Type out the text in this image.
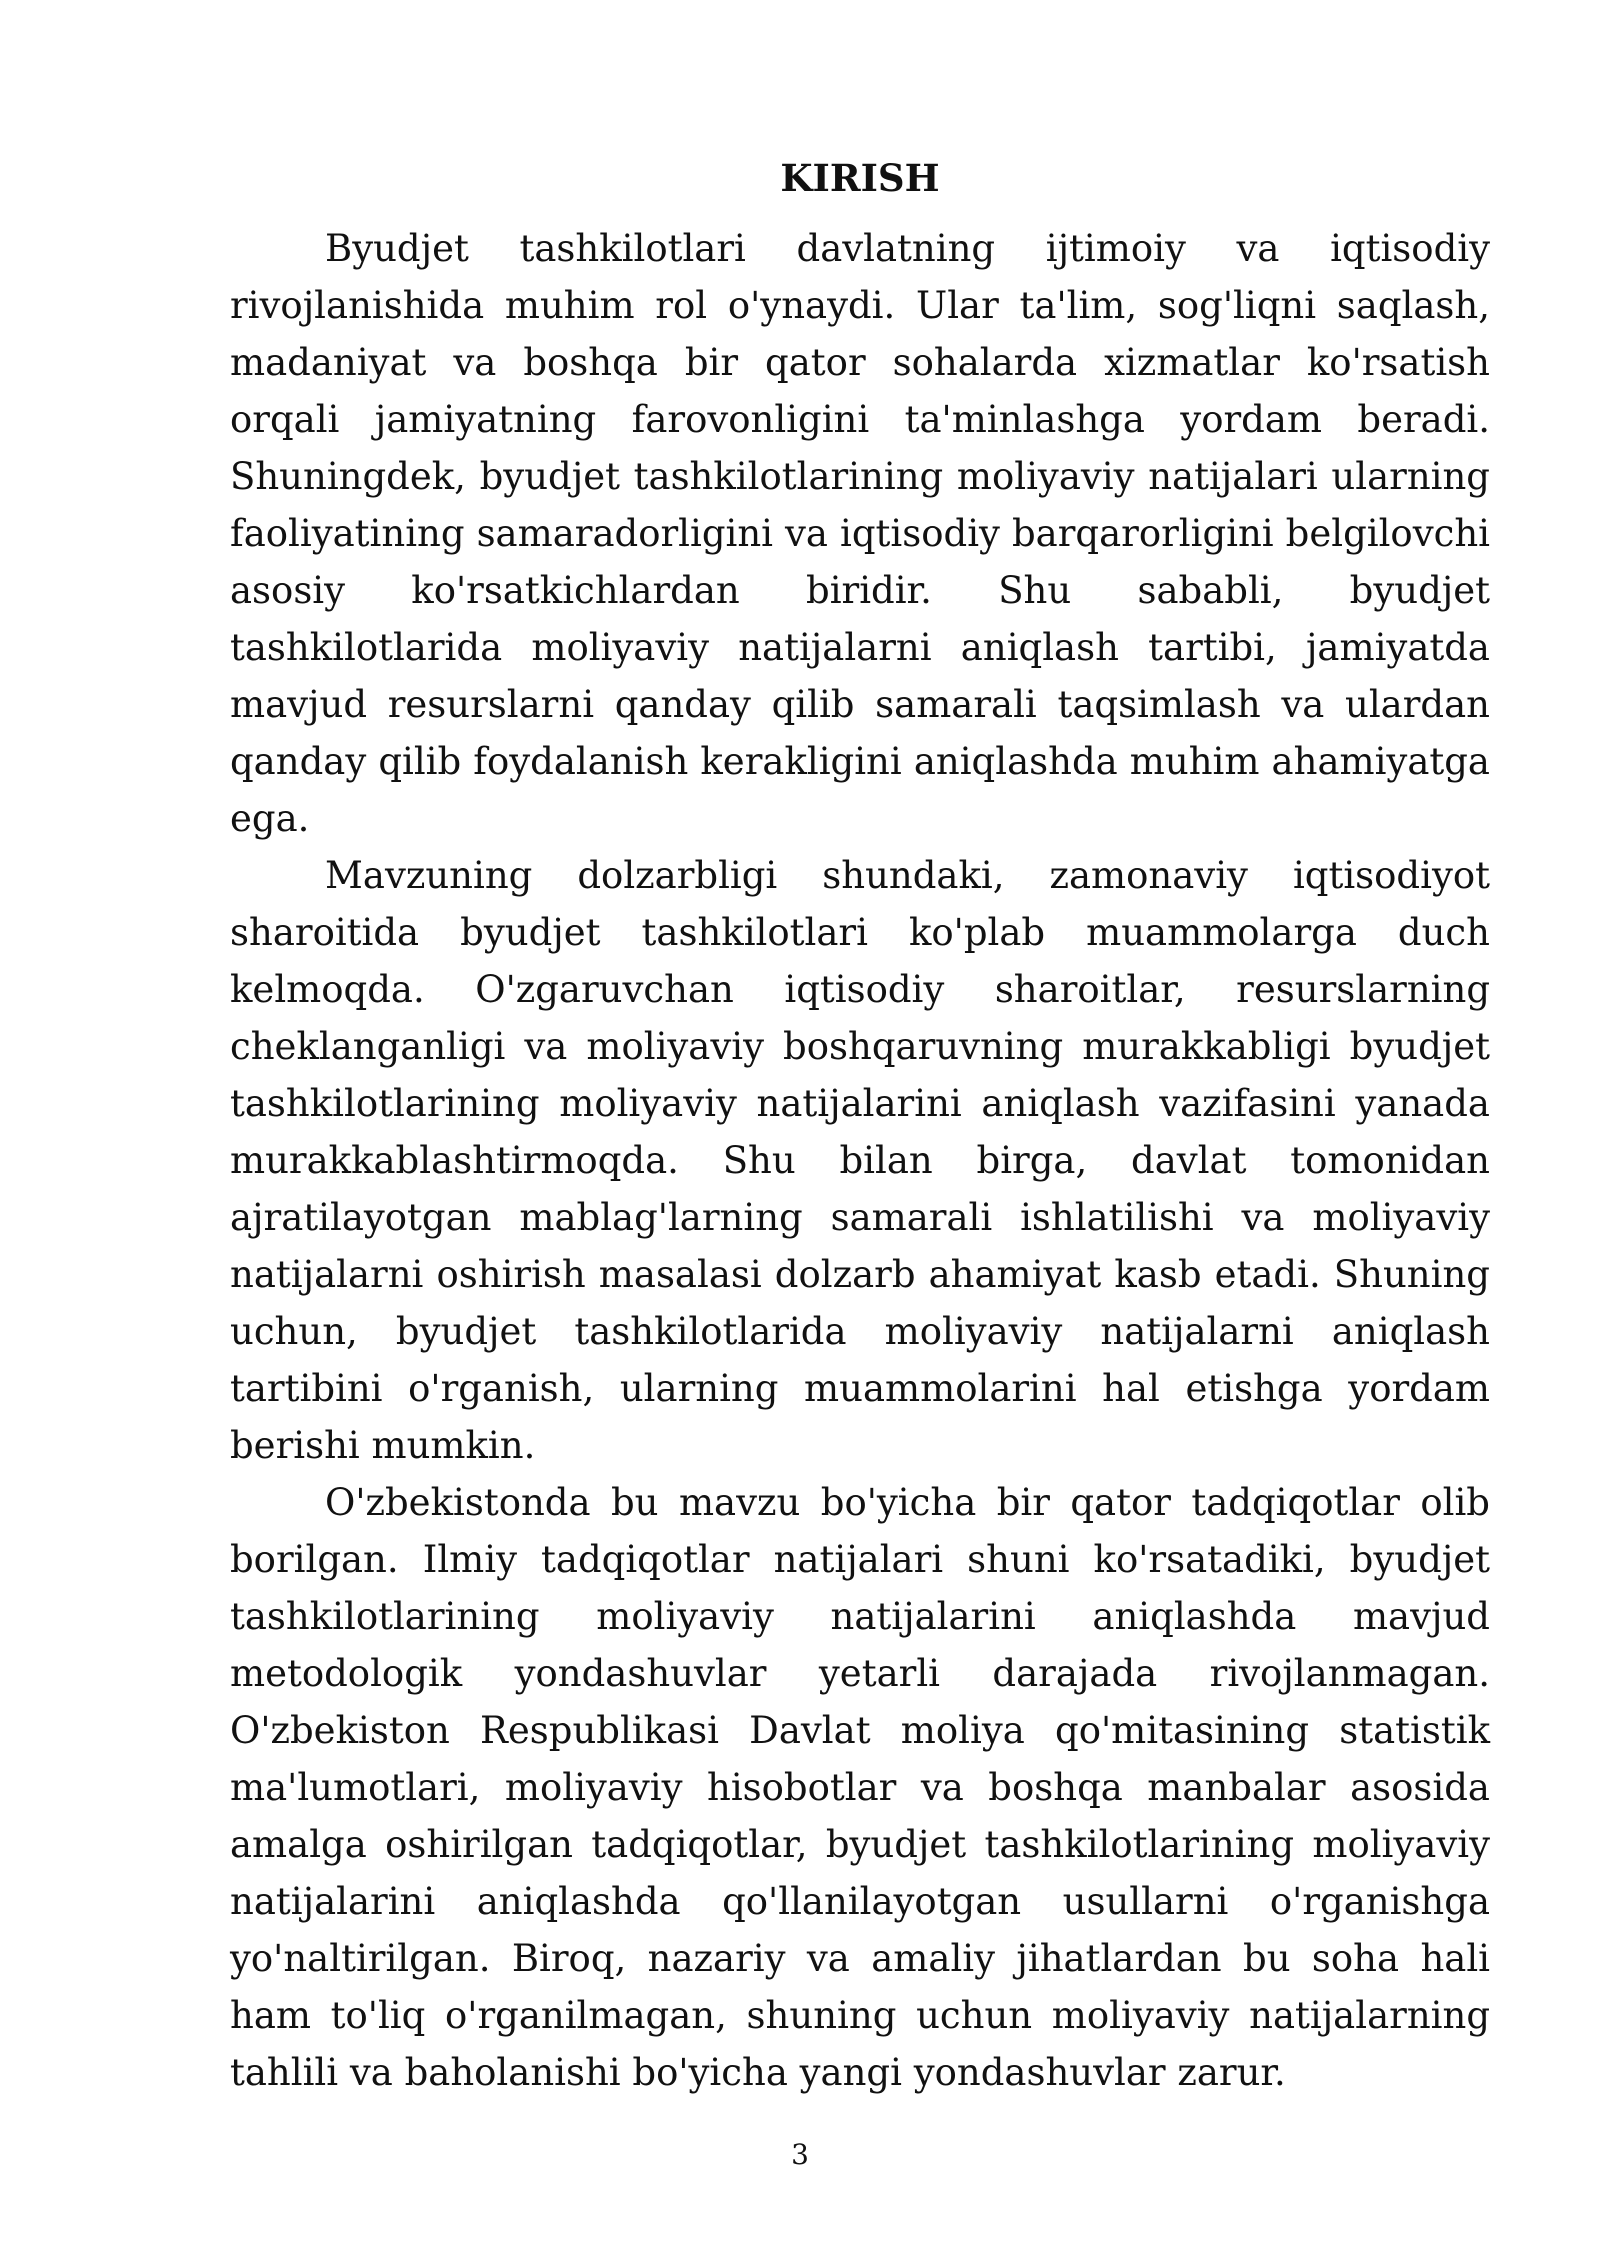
KIRISH

Byudjet tashkilotlari davlatning ijtimoiy va iqtisodiy rivojlanishida muhim rol o'ynaydi. Ular ta'lim, sog'liqni saqlash, madaniyat va boshqa bir qator sohalarda xizmatlar ko'rsatish orqali jamiyatning farovonligini ta'minlashga yordam beradi. Shuningdek, byudjet tashkilotlarining moliyaviy natijalari ularning faoliyatining samaradorligini va iqtisodiy barqarorligini belgilovchi asosiy ko'rsatkichlardan biridir. Shu sababli, byudjet tashkilotlarida moliyaviy natijalarni aniqlash tartibi, jamiyatda mavjud resurslarni qanday qilib samarali taqsimlash va ulardan qanday qilib foydalanish kerakligini aniqlashda muhim ahamiyatga ega.

Mavzuning dolzarbligi shundaki, zamonaviy iqtisodiyot sharoitida byudjet tashkilotlari ko'plab muammolarga duch kelmoqda. O'zgaruvchan iqtisodiy sharoitlar, resurslarning cheklanganligi va moliyaviy boshqaruvning murakkabligi byudjet tashkilotlarining moliyaviy natijalarini aniqlash vazifasini yanada murakkablashtirmoqda. Shu bilan birga, davlat tomonidan ajratilayotgan mablag'larning samarali ishlatilishi va moliyaviy natijalarni oshirish masalasi dolzarb ahamiyat kasb etadi. Shuning uchun, byudjet tashkilotlarida moliyaviy natijalarni aniqlash tartibini o'rganish, ularning muammolarini hal etishga yordam berishi mumkin.

O'zbekistonda bu mavzu bo'yicha bir qator tadqiqotlar olib borilgan. Ilmiy tadqiqotlar natijalari shuni ko'rsatadiki, byudjet tashkilotlarining moliyaviy natijalarini aniqlashda mavjud metodologik yondashuvlar yetarli darajada rivojlanmagan. O'zbekiston Respublikasi Davlat moliya qo'mitasining statistik ma'lumotlari, moliyaviy hisobotlar va boshqa manbalar asosida amalga oshirilgan tadqiqotlar, byudjet tashkilotlarining moliyaviy natijalarini aniqlashda qo'llanilayotgan usullarni o'rganishga yo'naltirilgan. Biroq, nazariy va amaliy jihatlardan bu soha hali ham to'liq o'rganilmagan, shuning uchun moliyaviy natijalarning tahlili va baholanishi bo'yicha yangi yondashuvlar zarur.

3
